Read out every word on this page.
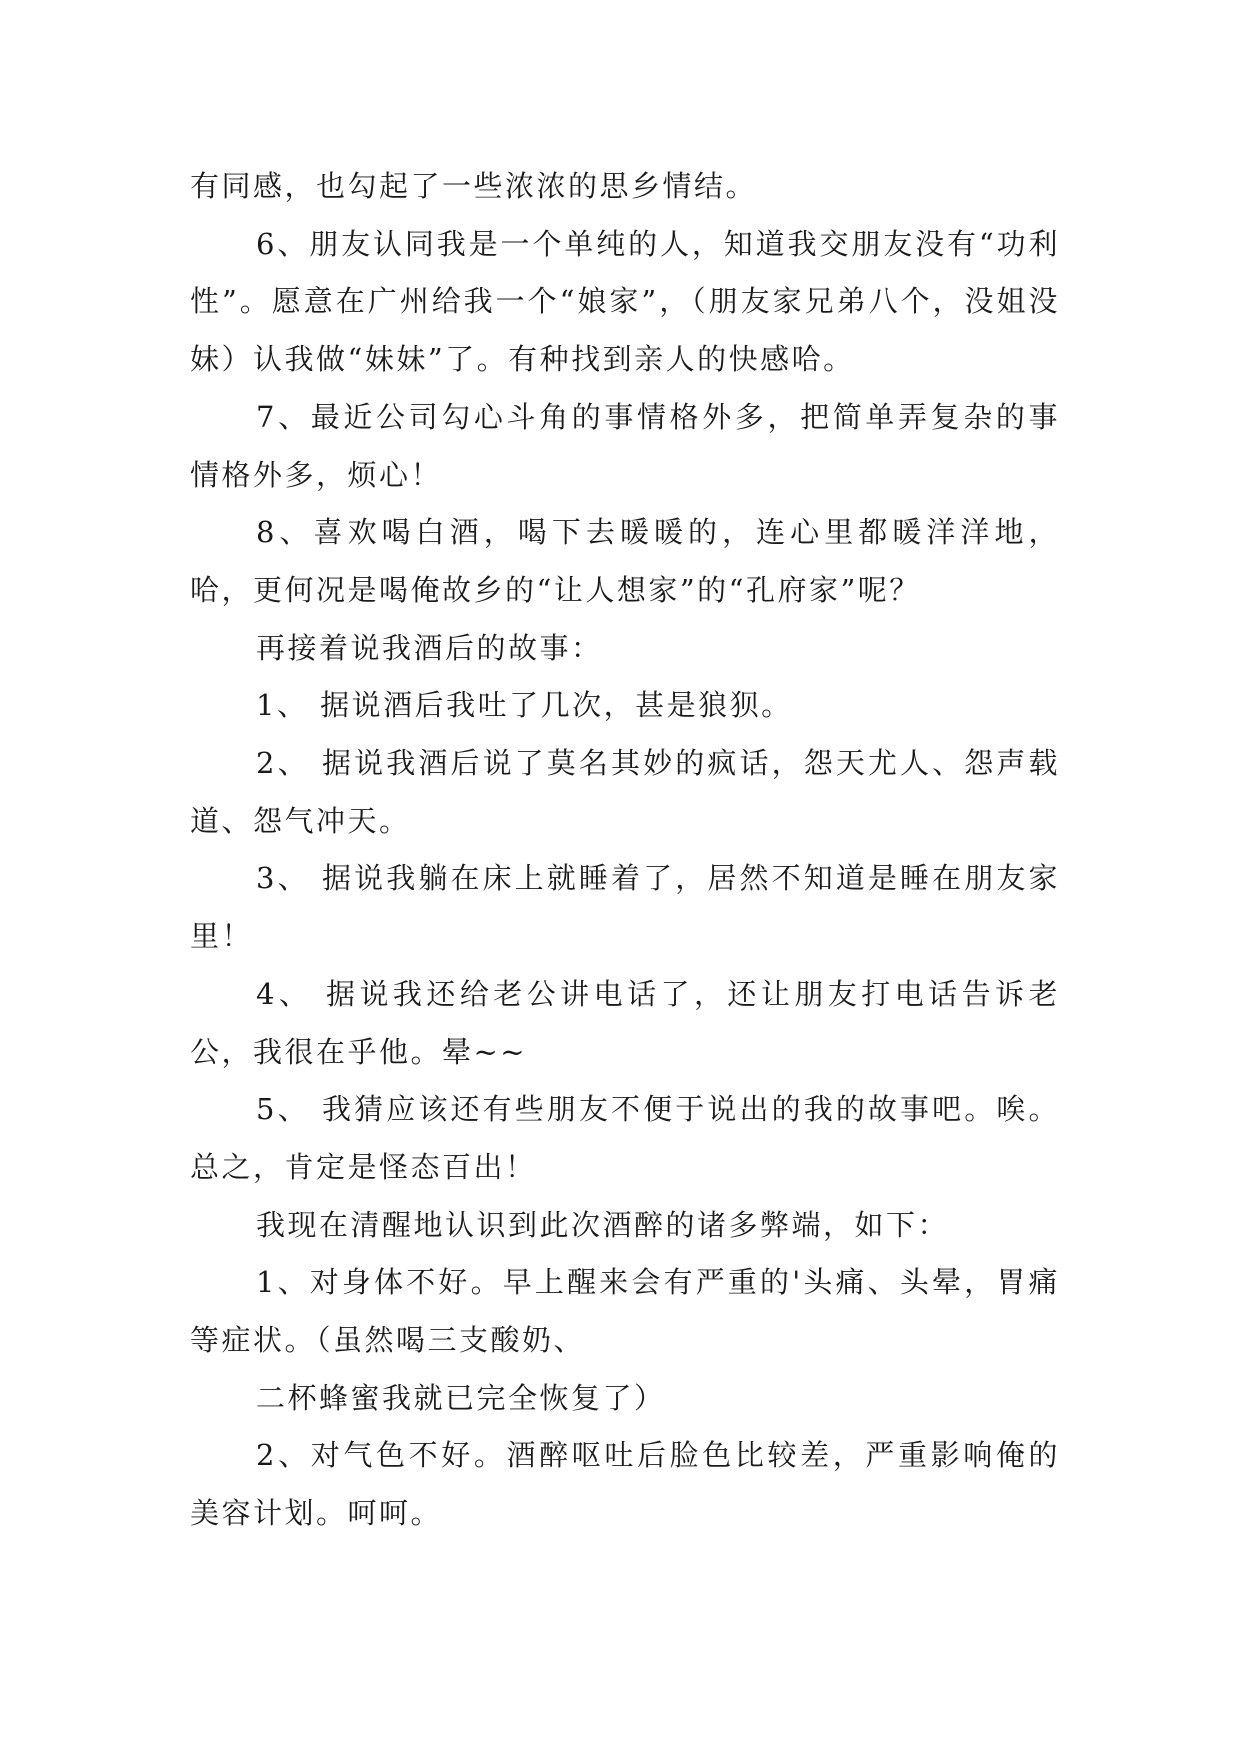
有同感，也勾起了一些浓浓的思乡情结。

6、朋友认同我是一个单纯的人，知道我交朋友没有“功利性”。愿意在广州给我一个“娘家”，（朋友家兄弟八个，没姐没妹）认我做“妹妹”了。有种找到亲人的快感哈。

7、最近公司勾心斗角的事情格外多，把简单弄复杂的事情格外多，烦心！

8、喜欢喝白酒，喝下去暖暖的，连心里都暖洋洋地，哈，更何况是喝俺故乡的“让人想家”的“孔府家”呢？

再接着说我酒后的故事：

1、 据说酒后我吐了几次，甚是狼狈。

2、 据说我酒后说了莫名其妙的疯话，怨天尤人、怨声载道、怨气冲天。

3、 据说我躺在床上就睡着了，居然不知道是睡在朋友家里！

4、 据说我还给老公讲电话了，还让朋友打电话告诉老公，我很在乎他。晕~~

5、 我猜应该还有些朋友不便于说出的我的故事吧。唉。总之，肯定是怪态百出！

我现在清醒地认识到此次酒醉的诸多弊端，如下：

1、对身体不好。早上醒来会有严重的'头痛、头晕，胃痛等症状。（虽然喝三支酸奶、

二杯蜂蜜我就已完全恢复了）

2、对气色不好。酒醉呕吐后脸色比较差，严重影响俺的美容计划。呵呵。
